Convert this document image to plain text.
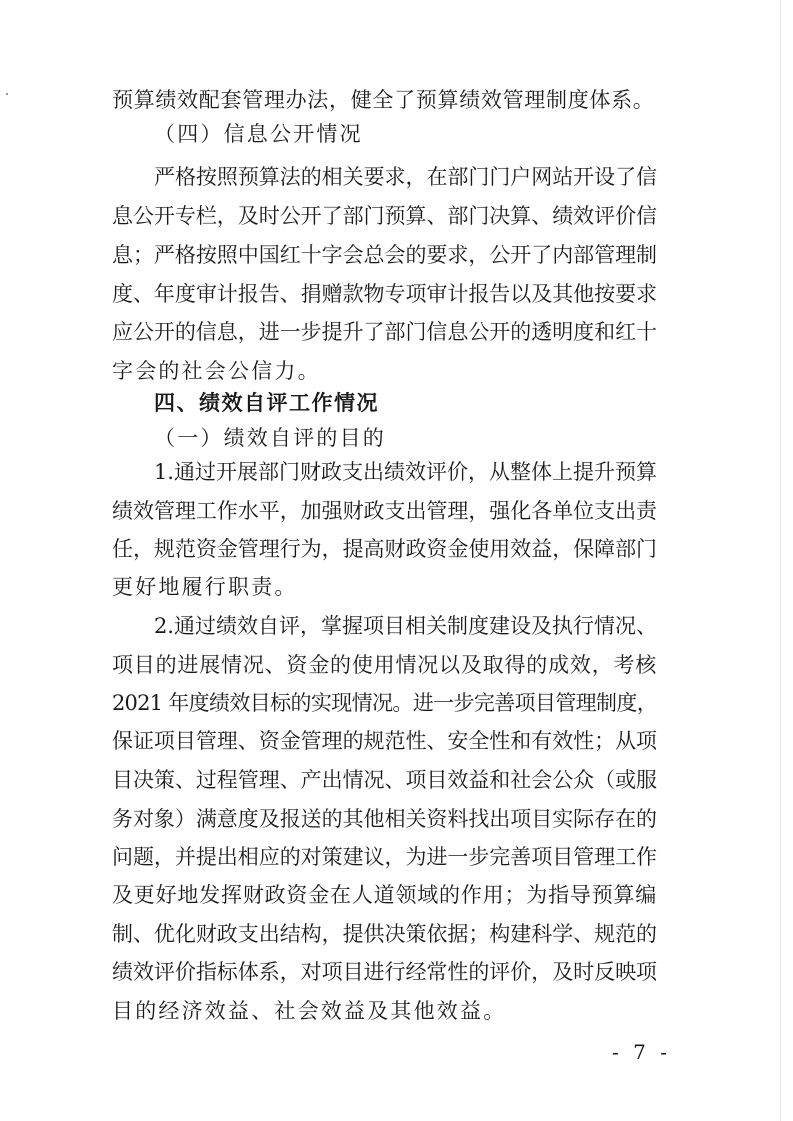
预算绩效配套管理办法，健全了预算绩效管理制度体系。
（四）信息公开情况
严格按照预算法的相关要求，在部门门户网站开设了信
息公开专栏，及时公开了部门预算、部门决算、绩效评价信
息；严格按照中国红十字会总会的要求，公开了内部管理制
度、年度审计报告、捐赠款物专项审计报告以及其他按要求
应公开的信息，进一步提升了部门信息公开的透明度和红十
字会的社会公信力。
四、绩效自评工作情况
（一）绩效自评的目的
1.通过开展部门财政支出绩效评价，从整体上提升预算
绩效管理工作水平，加强财政支出管理，强化各单位支出责
任，规范资金管理行为，提高财政资金使用效益，保障部门
更好地履行职责。
2.通过绩效自评，掌握项目相关制度建设及执行情况、
项目的进展情况、资金的使用情况以及取得的成效，考核
2021 年度绩效目标的实现情况。进一步完善项目管理制度，
保证项目管理、资金管理的规范性、安全性和有效性；从项
目决策、过程管理、产出情况、项目效益和社会公众（或服
务对象）满意度及报送的其他相关资料找出项目实际存在的
问题，并提出相应的对策建议，为进一步完善项目管理工作
及更好地发挥财政资金在人道领域的作用；为指导预算编
制、优化财政支出结构，提供决策依据；构建科学、规范的
绩效评价指标体系，对项目进行经常性的评价，及时反映项
目的经济效益、社会效益及其他效益。
- 7 -
